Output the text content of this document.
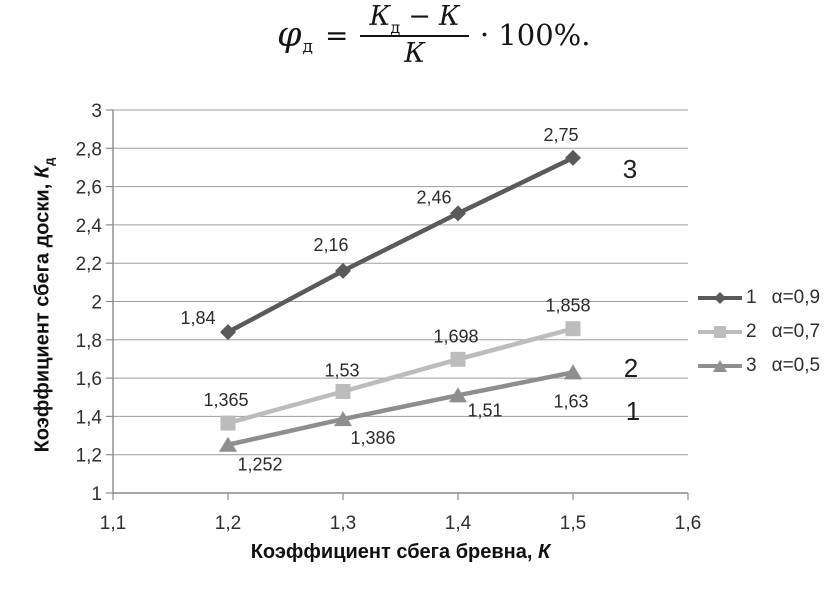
φ $д = \frac{К_д - К}{К} \cdot 100\%$.
1
1,2
1,4
1,6
1,8
2
2,2
2,4
2,6
2,8
3
1,1	1,2	1,3	1,4	1,5	1,6
1,84
2,16
2,46
2,75
1,365
1,53
1,698
1,858
1,252
1,386
1,51	1,63
3
2
1
Коэффициент сбега доски, $К_д$
Коэффициент сбега бревна, К
1 α=0,9
2 α=0,7
3 α=0,5
